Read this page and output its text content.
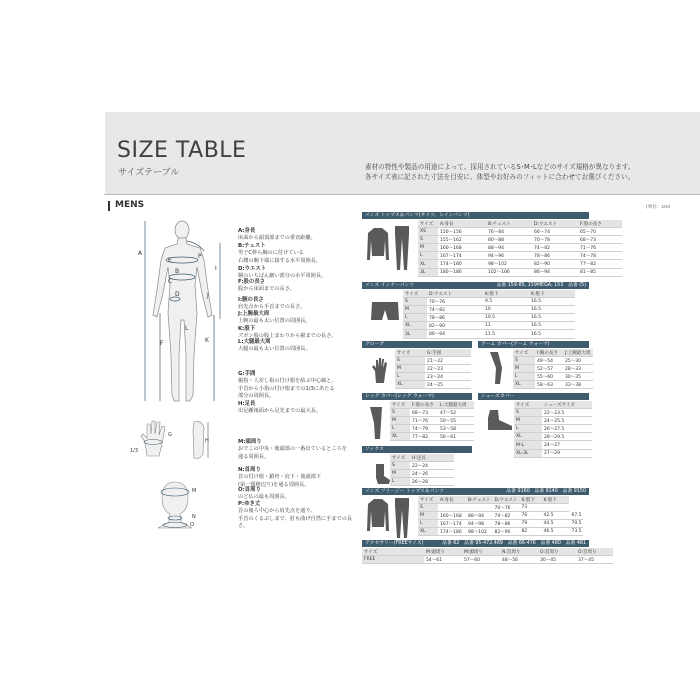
SIZE TABLE
サイズテーブル
素材の特性や製品の用途によって、採用されているS･M･Lなどのサイズ規格が異なります。
各サイズ表に記された寸法を目安に、体型やお好みのフィットに合わせてお選びください。
MENS	(単位：cm)
A
B
C
D
E
F
P
I
L
K
J
G
1/3
H
M
N
O
A:身長
床面から頭頂部までの垂直距離。
B:チェスト
男子C幹ら胸のに付けている
右側の腕下端に接する水平周囲長。
D:ウエスト
胴のいちばん細い部分の水平周囲長。
F:股の長さ
股から床面までの長さ。
I:腕の長さ
肩先点から手首までの長さ。
J:上腕最大周
上腕の最も太い位置の周囲長。
K:股下
ズボン股の股上まわりから裾までの長さ。
L:大腿最大周
大腿の最も太い位置の周囲長。
G:手囲
親指・人差し指の付け根を結ぶ中心線と、
手首から小指の付け根までの1/3にあたる
部分の周囲長。
H:足長
出足踵後面から足先までの最大長。
M:頭周り
おでこの中央・後頭部の一番出ているところを
通る周囲長。
N:首周り
首の付け根・鎖骨・肩下・後頭部下
(第一頸椎辺り)を通る周囲長。
O:首周り
のど仏の最も周囲長。
P:ゆき丈
首の後ろ中心から肩先点を通り、
手首のくるぶしまで、肘も曲げ自然に手までの長さ。
メンズ トップス＆パンツ(タイツ、レインパンツ)
サイズ	A:身長	B:チェスト	D:ウエスト	F:股の長さ
XS	150〜156	76〜84	66〜74	65〜70
S	155〜162	80〜88	70〜78	68〜73
M	160〜168	88〜94	74〜82	71〜76
L	167〜174	94〜96	78〜86	74〜78
XL	174〜180	98〜102	82〜90	77〜82
3L	180〜186	102〜106	86〜94	81〜85
メンズ インナーパンツ	品番 159-85, 159MEGA, 153　品番 (5)
サイズ	D:ウエスト	K:股下	K:股下
S	70〜76	9.5	16.5
M	74〜82	10	16.5
L	78〜86	10.5	16.5
XL	82〜90	11	16.5
3L	86〜94	11.5	16.5
グローブ
サイズ	G:手囲
S	21〜22
M	22〜23
L	23〜24
XL	24〜25
アーム カバー(アーム ウォーマ)
サイズ	I:腕の長さ	J:上腕最大周
S	49〜54	25〜30
M	52〜57	28〜33
L	55〜60	30〜35
XL	58〜63	33〜38
レッグ カバー(レッグ ウォーマ)
サイズ	F:股の長さ	L:大腿最大周
S	68〜73	47〜52
M	71〜76	50〜55
L	74〜79	53〜58
XL	77〜82	56〜61
シューズカバー
サイズ	シューズサイズ
S	22〜23.5
M	24〜25.5
L	26〜27.5
XL	28〜29.5
M-L	24〜27
XL-3L	27〜29
ソックス
サイズ	H:足長
S	22〜24
M	24〜26
L	26〜28
メンズ フリージー トップス＆パンツ	品番 9160　品番 9140　品番 9150
サイズ	A:身長	B:チェスト	D:ウエスト	K:股下	K:股下	
S			70〜76	73		
M	160〜168	88〜94	74〜82	76	42.5	67.5
L	167〜174	94〜98	78〜86	79	44.5	70.5
XL	174〜180	98〜102	82〜90	82	46.5	73.5
アクセサリー(FREEサイズ)	品番 62　品番 95-472,489　品番 66-476　品番 480　品番 481
サイズ	M:頭周り	M:頭周り	N:首周り	O:首周り	O:首周り
FREE	54〜61	57〜60	48〜56	30〜45	37〜45
